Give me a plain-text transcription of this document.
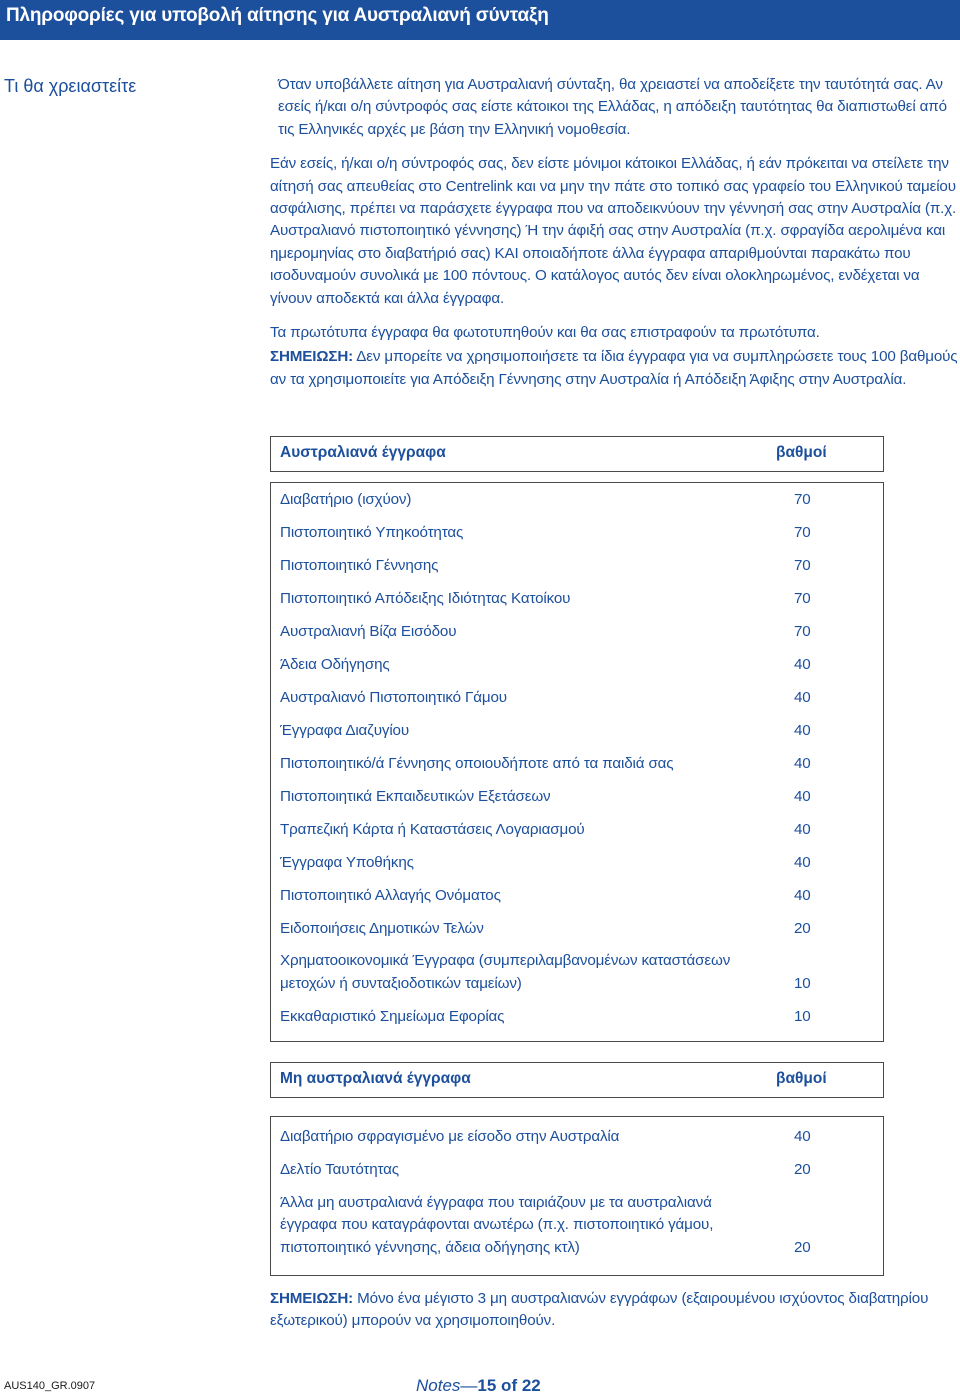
Πληροφορίες για υποβολή αίτησης για Αυστραλιανή σύνταξη
Τι θα χρειαστείτε	Όταν υποβάλλετε αίτηση για Αυστραλιανή σύνταξη, θα χρειαστεί να αποδείξετε την ταυτότητά σας. Αν εσείς ή/και ο/η σύντροφός σας είστε κάτοικοι της Ελλάδας, η απόδειξη ταυτότητας θα διαπιστωθεί από τις Ελληνικές αρχές με βάση την Ελληνική νομοθεσία.

Εάν εσείς, ή/και ο/η σύντροφός σας, δεν είστε μόνιμοι κάτοικοι Ελλάδας, ή εάν πρόκειται να στείλετε την αίτησή σας απευθείας στο Centrelink και να μην την πάτε στο τοπικό σας γραφείο του Ελληνικού ταμείου ασφάλισης, πρέπει να παράσχετε έγγραφα που να αποδεικνύουν την γέννησή σας στην Αυστραλία (π.χ. Αυστραλιανό πιστοποιητικό γέννησης) Ή την άφιξή σας στην Αυστραλία (π.χ. σφραγίδα αερολιμένα και ημερομηνίας στο διαβατήριό σας) ΚΑΙ οποιαδήποτε άλλα έγγραφα απαριθμούνται παρακάτω που ισοδυναμούν συνολικά με 100 πόντους. Ο κατάλογος αυτός δεν είναι ολοκληρωμένος, ενδέχεται να γίνουν αποδεκτά και άλλα έγγραφα.

Τα πρωτότυπα έγγραφα θα φωτοτυπηθούν και θα σας επιστραφούν τα πρωτότυπα.

ΣΗΜΕΙΩΣΗ: Δεν μπορείτε να χρησιμοποιήσετε τα ίδια έγγραφα για να συμπληρώσετε τους 100 βαθμούς αν τα χρησιμοποιείτε για Απόδειξη Γέννησης στην Αυστραλία ή Απόδειξη Άφιξης στην Αυστραλία.

Αυστραλιανά έγγραφα	βαθμοί
Διαβατήριο (ισχύον)	70
Πιστοποιητικό Υπηκοότητας	70
Πιστοποιητικό Γέννησης	70
Πιστοποιητικό Απόδειξης Ιδιότητας Κατοίκου	70
Αυστραλιανή Βίζα Εισόδου	70
Άδεια Οδήγησης	40
Αυστραλιανό Πιστοποιητικό Γάμου	40
Έγγραφα Διαζυγίου	40
Πιστοποιητικό/ά Γέννησης οποιουδήποτε από τα παιδιά σας	40
Πιστοποιητικά Εκπαιδευτικών Εξετάσεων	40
Τραπεζική Κάρτα ή Καταστάσεις Λογαριασμού	40
Έγγραφα Υποθήκης	40
Πιστοποιητικό Αλλαγής Ονόματος	40
Ειδοποιήσεις Δημοτικών Τελών	20
Χρηματοοικονομικά Έγγραφα (συμπεριλαμβανομένων καταστάσεων μετοχών ή συνταξιοδοτικών ταμείων)	10
Εκκαθαριστικό Σημείωμα Εφορίας	10
Μη αυστραλιανά έγγραφα	βαθμοί
Διαβατήριο σφραγισμένο με είσοδο στην Αυστραλία	40
Δελτίο Ταυτότητας	20
Άλλα μη αυστραλιανά έγγραφα που ταιριάζουν με τα αυστραλιανά έγγραφα που καταγράφονται ανωτέρω (π.χ. πιστοποιητικό γάμου, πιστοποιητικό γέννησης, άδεια οδήγησης κτλ)	20

ΣΗΜΕΙΩΣΗ: Μόνο ένα μέγιστο 3 μη αυστραλιανών εγγράφων (εξαιρουμένου ισχύοντος διαβατηρίου εξωτερικού) μπορούν να χρησιμοποιηθούν.

AUS140_GR.0907	Notes—15 of 22
